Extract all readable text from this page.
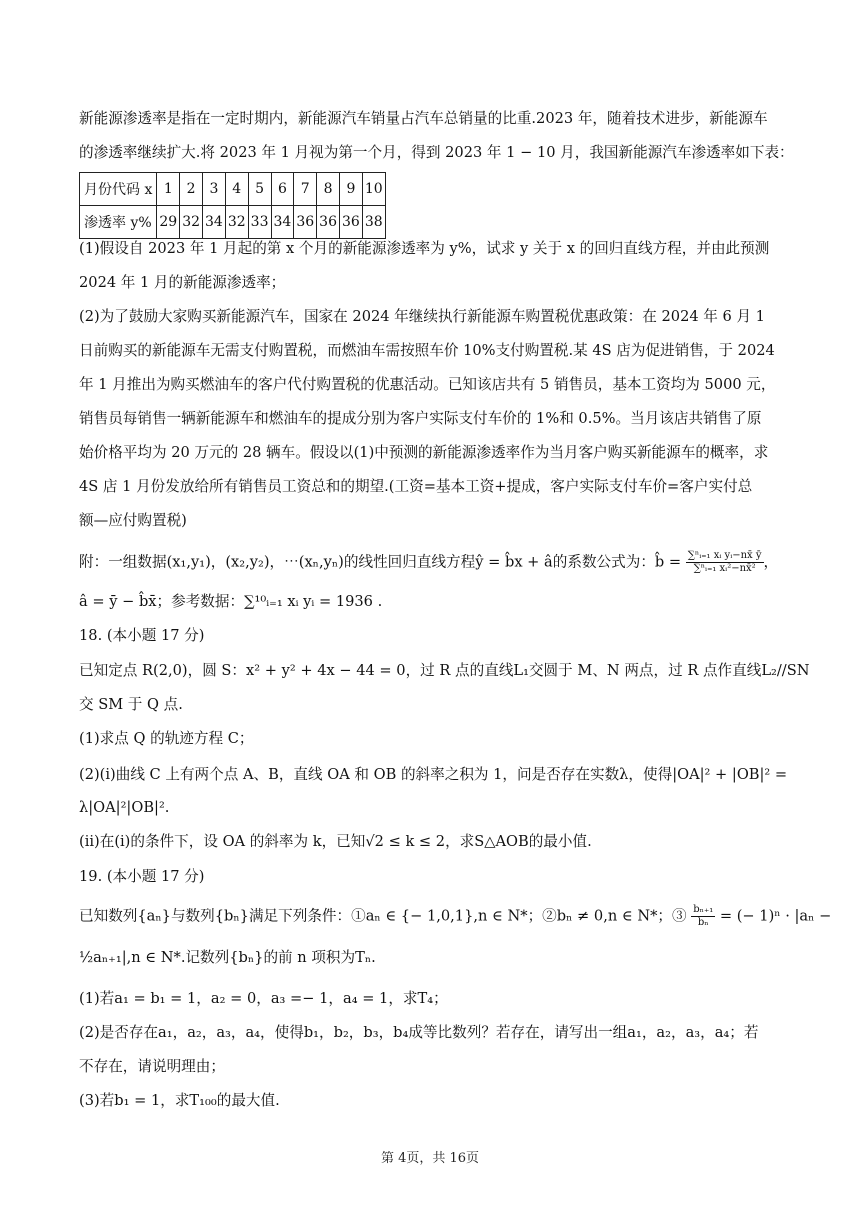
新能源渗透率是指在一定时期内，新能源汽车销量占汽车总销量的比重.2023 年，随着技术进步，新能源车
的渗透率继续扩大.将 2023 年 1 月视为第一个月，得到 2023 年 1 − 10 月，我国新能源汽车渗透率如下表：
月份代码 x	1	2	3	4	5	6	7	8	9	10
渗透率 y%	29	32	34	32	33	34	36	36	36	38
(1)假设自 2023 年 1 月起的第 x 个月的新能源渗透率为 y%，试求 y 关于 x 的回归直线方程，并由此预测
2024 年 1 月的新能源渗透率；
(2)为了鼓励大家购买新能源汽车，国家在 2024 年继续执行新能源车购置税优惠政策：在 2024 年 6 月 1
日前购买的新能源车无需支付购置税，而燃油车需按照车价 10%支付购置税.某 4S 店为促进销售，于 2024
年 1 月推出为购买燃油车的客户代付购置税的优惠活动。已知该店共有 5 销售员，基本工资均为 5000 元，
销售员每销售一辆新能源车和燃油车的提成分别为客户实际支付车价的 1%和 0.5%。当月该店共销售了原
始价格平均为 20 万元的 28 辆车。假设以(1)中预测的新能源渗透率作为当月客户购买新能源车的概率，求
4S 店 1 月份发放给所有销售员工资总和的期望.(工资=基本工资+提成，客户实际支付车价=客户实付总
额—应付购置税)
附：一组数据(x₁,y₁)，(x₂,y₂)，⋯(xₙ,yₙ)的线性回归直线方程ŷ = b̂x + â的系数公式为：b̂ = $\frac{\text{∑ⁿᵢ₌₁ xᵢ yᵢ−nx̄ ȳ}}{\text{∑ⁿᵢ₌₁ xᵢ²−nx̄²}}$ ，
â = ȳ − b̂x̄；参考数据：∑¹⁰ᵢ₌₁ xᵢ yᵢ = 1936 .
18. (本小题 17 分)
已知定点 R(2,0)，圆 S：x² + y² + 4x − 44 = 0，过 R 点的直线L₁交圆于 M、N 两点，过 R 点作直线L₂//SN
交 SM 于 Q 点.
(1)求点 Q 的轨迹方程 C；
(2)(i)曲线 C 上有两个点 A、B，直线 OA 和 OB 的斜率之积为 1，问是否存在实数λ，使得|OA|² + |OB|² =
λ|OA|²|OB|².
(ii)在(i)的条件下，设 OA 的斜率为 k，已知√2 ≤ k ≤ 2，求S△AOB的最小值.
19. (本小题 17 分)
已知数列{aₙ}与数列{bₙ}满足下列条件：①aₙ ∈ {− 1,0,1},n ∈ N*；②bₙ ≠ 0,n ∈ N*；③ $\frac{\text{bₙ₊₁}}{\text{bₙ}}$ = (− 1)ⁿ · |aₙ −
½aₙ₊₁|,n ∈ N*.记数列{bₙ}的前 n 项积为Tₙ.
(1)若a₁ = b₁ = 1，a₂ = 0，a₃ =− 1，a₄ = 1，求T₄；
(2)是否存在a₁，a₂，a₃，a₄，使得b₁，b₂，b₃，b₄成等比数列？若存在，请写出一组a₁，a₂，a₃，a₄；若
不存在，请说明理由；
(3)若b₁ = 1，求T₁₀₀的最大值.
第 4页，共 16页
